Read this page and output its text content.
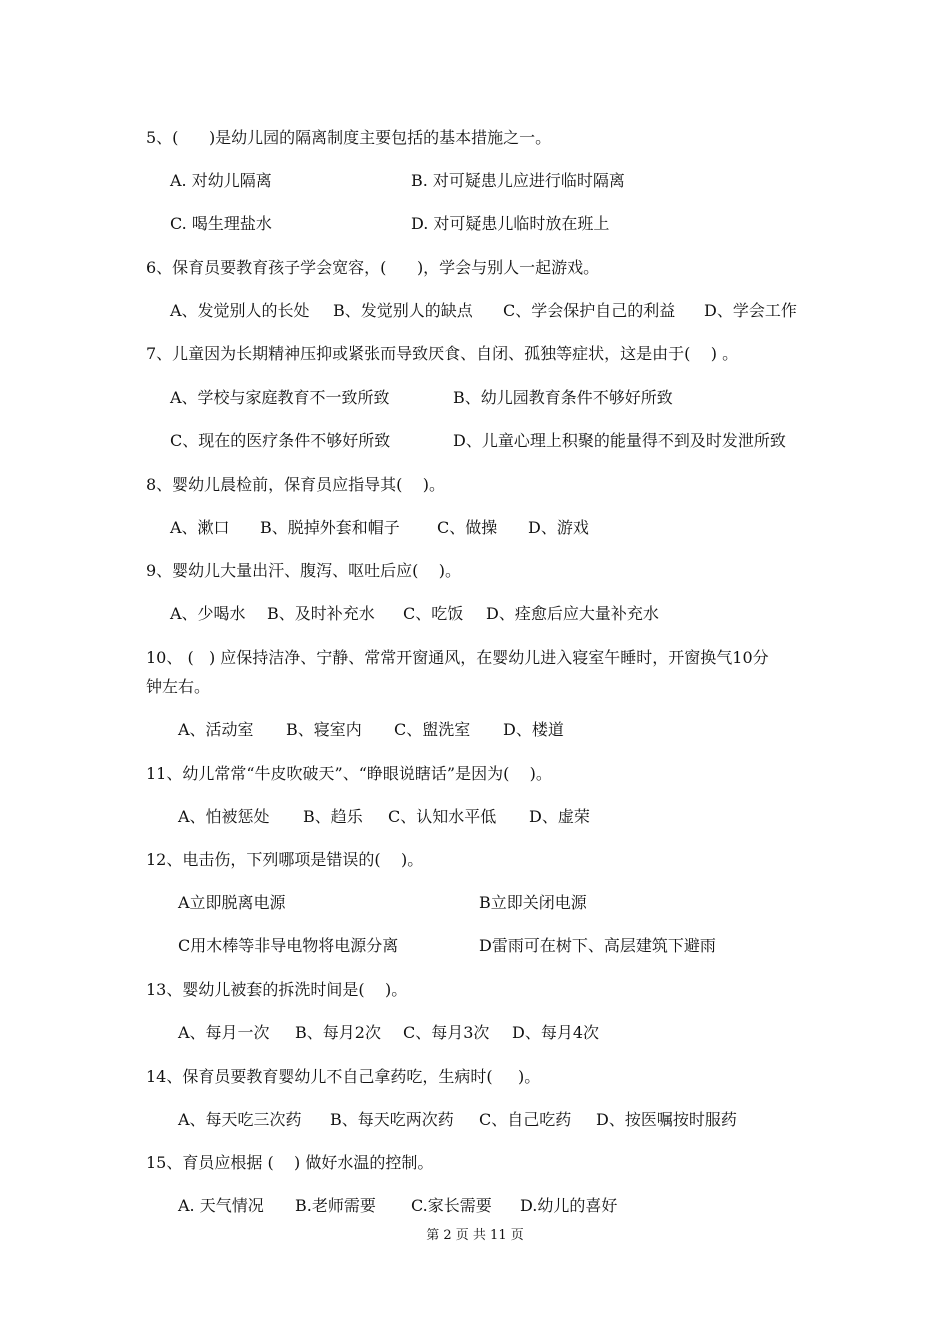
5、(      )是幼儿园的隔离制度主要包括的基本措施之一。
A. 对幼儿隔离	B. 对可疑患儿应进行临时隔离
C. 喝生理盐水	D. 对可疑患儿临时放在班上
6、保育员要教育孩子学会宽容，(      )，学会与别人一起游戏。
A、发觉别人的长处 B、发觉别人的缺点 C、学会保护自己的利益 D、学会工作
7、儿童因为长期精神压抑或紧张而导致厌食、自闭、孤独等症状，这是由于(    ) 。
A、学校与家庭教育不一致所致	B、幼儿园教育条件不够好所致
C、现在的医疗条件不够好所致	D、儿童心理上积聚的能量得不到及时发泄所致
8、婴幼儿晨检前，保育员应指导其(    )。
A、漱口 B、脱掉外套和帽子 C、做操 D、游戏
9、婴幼儿大量出汗、腹泻、呕吐后应(    )。
A、少喝水 B、及时补充水 C、吃饭 D、痊愈后应大量补充水
10、 (   ) 应保持洁净、宁静、常常开窗通风，在婴幼儿进入寝室午睡时，开窗换气10分
钟左右。
A、活动室 B、寝室内 C、盥洗室 D、楼道
11、幼儿常常“牛皮吹破天”、“睁眼说瞎话”是因为(    )。
A、怕被惩处 B、趋乐 C、认知水平低 D、虚荣
12、电击伤，下列哪项是错误的(    )。
A立即脱离电源	B立即关闭电源
C用木棒等非导电物将电源分离	D雷雨可在树下、高层建筑下避雨
13、婴幼儿被套的拆洗时间是(    )。
A、每月一次 B、每月2次 C、每月3次 D、每月4次
14、保育员要教育婴幼儿不自己拿药吃，生病时(     )。
A、每天吃三次药 B、每天吃两次药 C、自己吃药 D、按医嘱按时服药
15、育员应根据 (    ) 做好水温的控制。
A. 天气情况 B.老师需要 C.家长需要 D.幼儿的喜好
第 2 页 共 11 页
